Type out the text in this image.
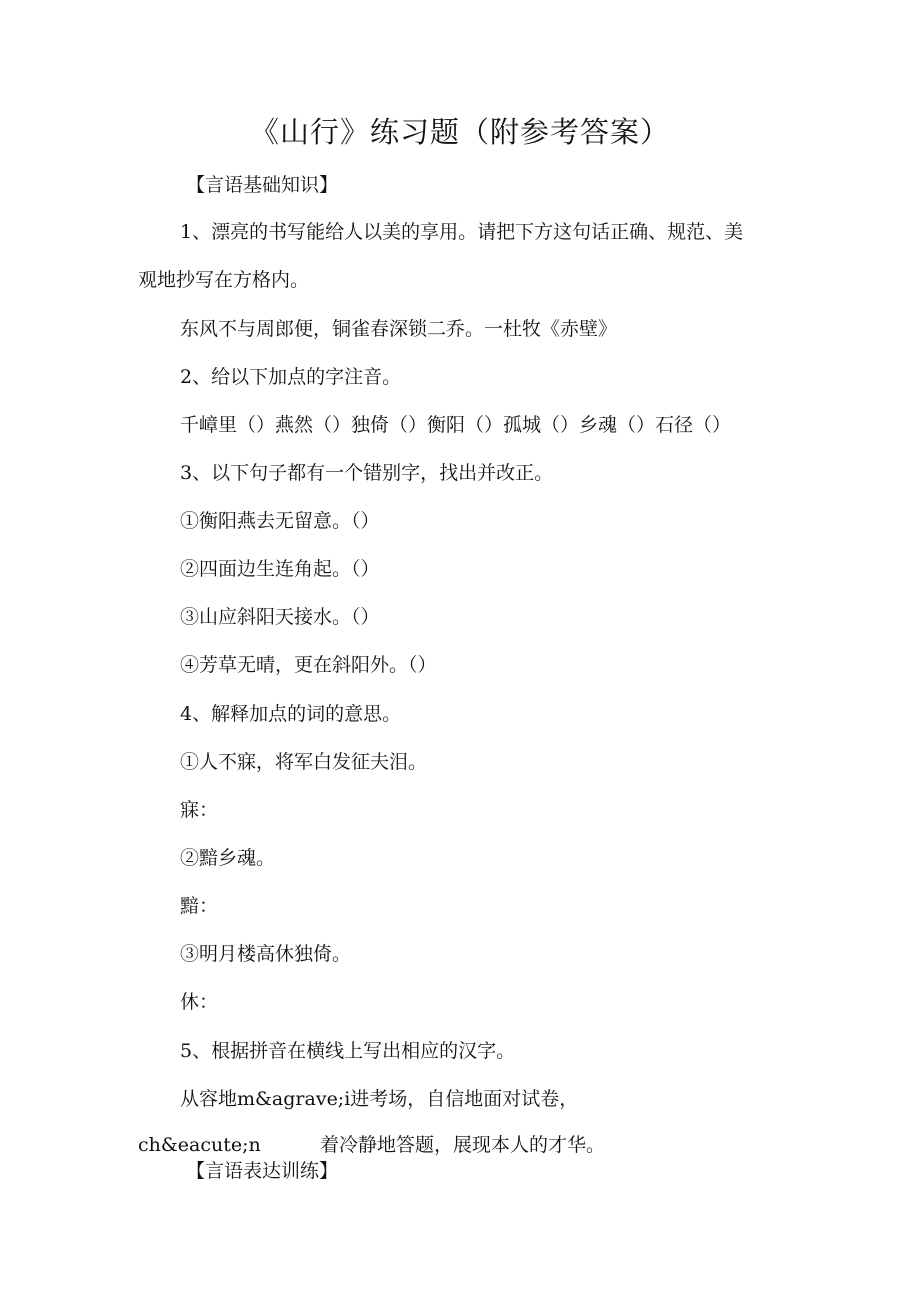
《山行》练习题（附参考答案）
【言语基础知识】
1、漂亮的书写能给人以美的享用。请把下方这句话正确、规范、美
观地抄写在方格内。
东风不与周郎便，铜雀春深锁二乔。一杜牧《赤壁》
2、给以下加点的字注音。
千嶂里（）燕然（）独倚（）衡阳（）孤城（）乡魂（）石径（）
3、以下句子都有一个错别字，找出并改正。
①衡阳燕去无留意。（）
②四面边生连角起。（）
③山应斜阳天接水。（）
④芳草无晴，更在斜阳外。（）
4、解释加点的词的意思。
①人不寐，将军白发征夫泪。
寐：
②黯乡魂。
黯：
③明月楼高休独倚。
休：
5、根据拼音在横线上写出相应的汉字。
从容地m&agrave;i进考场，自信地面对试卷，
ch&eacute;n	着冷静地答题，展现本人的才华。
【言语表达训练】
